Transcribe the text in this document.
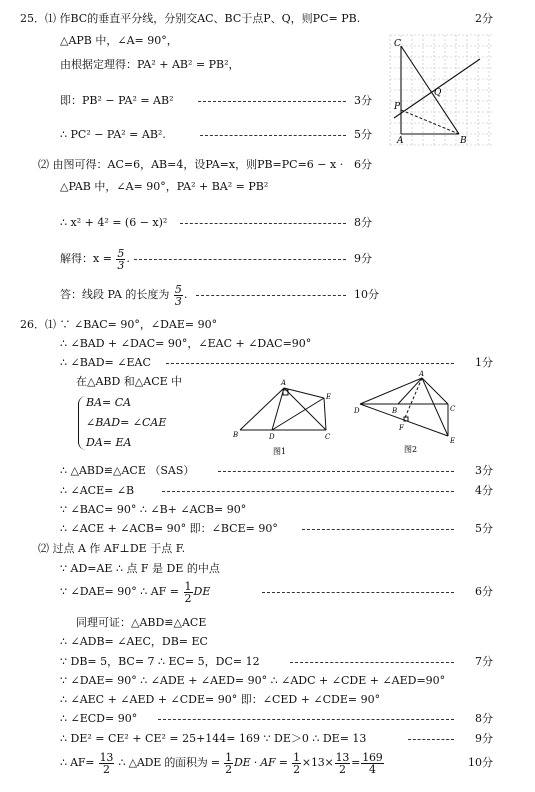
25．⑴ 作BC的垂直平分线，分别交AC、BC于点P、Q，则PC= PB.	2分
△APB 中，∠A= 90°，
由根据定理得：PA² + AB² = PB²，
即：PB² − PA² = AB²	3分
∴ PC² − PA² = AB².	5分
C
P
Q
A	B
⑵ 由图可得：AC=6，AB=4，设PA=x，则PB=PC=6 − x · 6分
△PAB 中，∠A= 90°，PA² + BA² = PB²
∴ x² + 4² = (6 − x)²	8分
解得：$x = \frac{5}{3}$ .	9分
答：线段 PA 的长度为 $\frac{5}{3}$ .	10分
26．⑴ ∵ ∠BAC= 90°，∠DAE= 90°
∴ ∠BAD + ∠DAC= 90°，∠EAC + ∠DAC=90°
∴ ∠BAD= ∠EAC	1分
在△ABD 和△ACE 中
BA= CA
∠BAD= ∠CAE
DA= EA
A
B	D	C
E
图1
A
D	B	C
F
E
图2
∴ △ABD≌△ACE （SAS）	3分
∴ ∠ACE= ∠B	4分
∵ ∠BAC= 90° ∴ ∠B+ ∠ACB= 90°
∴ ∠ACE + ∠ACB= 90° 即：∠BCE= 90°	5分
⑵ 过点 A 作 AF⊥DE 于点 F.
∵ AD=AE ∴ 点 F 是 DE 的中点
∵ ∠DAE= 90° ∴ AF = $\frac{1}{2}$ DE	6分
同理可证：△ABD≌△ACE
∴ ∠ADB= ∠AEC，DB= EC
∵ DB= 5，BC= 7 ∴ EC= 5，DC= 12	7分
∵ ∠DAE= 90° ∴ ∠ADE + ∠AED= 90° ∴ ∠ADC + ∠CDE + ∠AED=90°
∴ ∠AEC + ∠AED + ∠CDE= 90° 即：∠CED + ∠CDE= 90°
∴ ∠ECD= 90°	8分
∴ DE² = CE² + CE² = 25+144= 169 ∵ DE＞0 ∴ DE= 13	9分
∴ $AF= \frac{13}{2}$ ∴ △ADE 的面积为 = $\frac{1}{2}$ DE · AF = $\frac{1}{2} \times 13\times \frac{13}{2} = \frac{169}{4}$	10分
